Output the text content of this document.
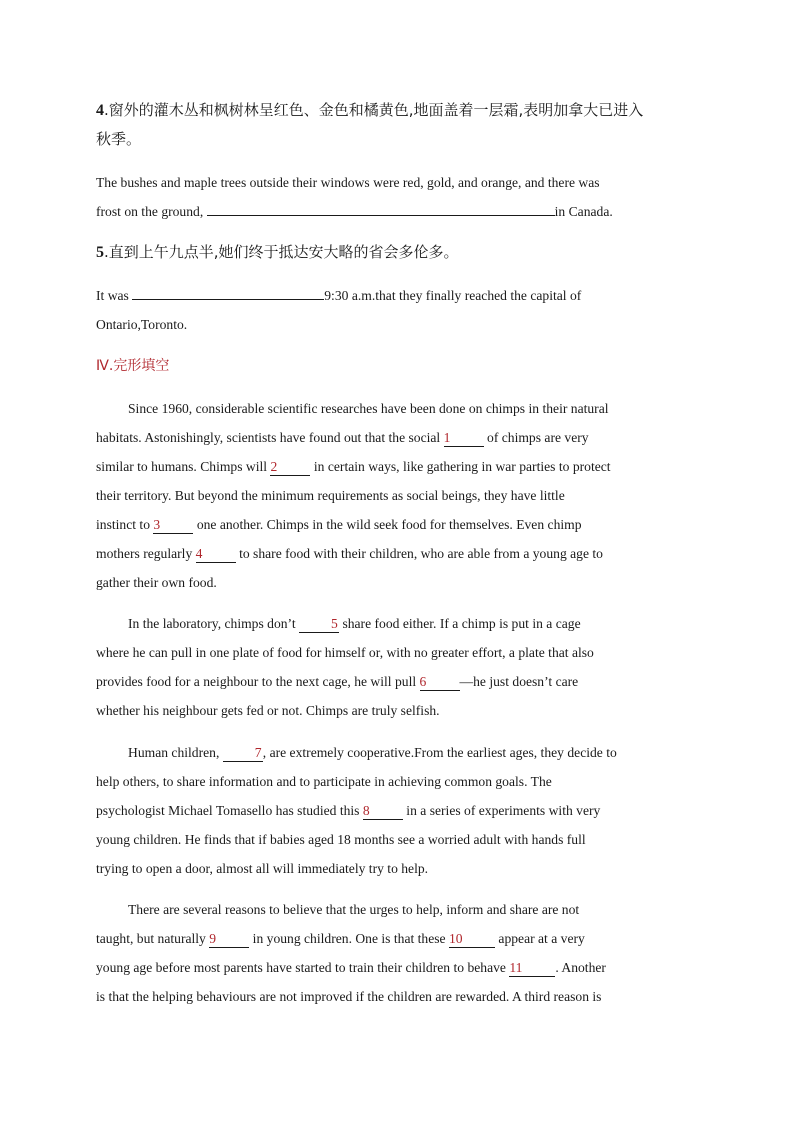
4.窗外的灌木丛和枫树林呈红色、金色和橘黄色,地面盖着一层霜,表明加拿大已进入

秋季。

The bushes and maple trees outside their windows were red, gold, and orange, and there was

frost on the ground,	in Canada.

5.直到上午九点半,她们终于抵达安大略的省会多伦多。

It was	9:30 a.m.that they finally reached the capital of

Ontario,Toronto.

Ⅳ.完形填空

Since 1960, considerable scientific researches have been done on chimps in their natural

habitats. Astonishingly, scientists have found out that the social 1	of chimps are very

similar to humans. Chimps will 2	in certain ways, like gathering in war parties to protect

their territory. But beyond the minimum requirements as social beings, they have little

instinct to 3	one another. Chimps in the wild seek food for themselves. Even chimp

mothers regularly 4	to share food with their children, who are able from a young age to

gather their own food.

In the laboratory, chimps don’t	5 share food either. If a chimp is put in a cage

where he can pull in one plate of food for himself or, with no greater effort, a plate that also

provides food for a neighbour to the next cage, he will pull 6 —he just doesn’t care

whether his neighbour gets fed or not. Chimps are truly selfish.

Human children,	7, are extremely cooperative.From the earliest ages, they decide to

help others, to share information and to participate in achieving common goals. The

psychologist Michael Tomasello has studied this 8	in a series of experiments with very

young children. He finds that if babies aged 18 months see a worried adult with hands full

trying to open a door, almost all will immediately try to help.

There are several reasons to believe that the urges to help, inform and share are not

taught, but naturally 9	in young children. One is that these 10	appear at a very

young age before most parents have started to train their children to behave 11 . Another

is that the helping behaviours are not improved if the children are rewarded. A third reason is
